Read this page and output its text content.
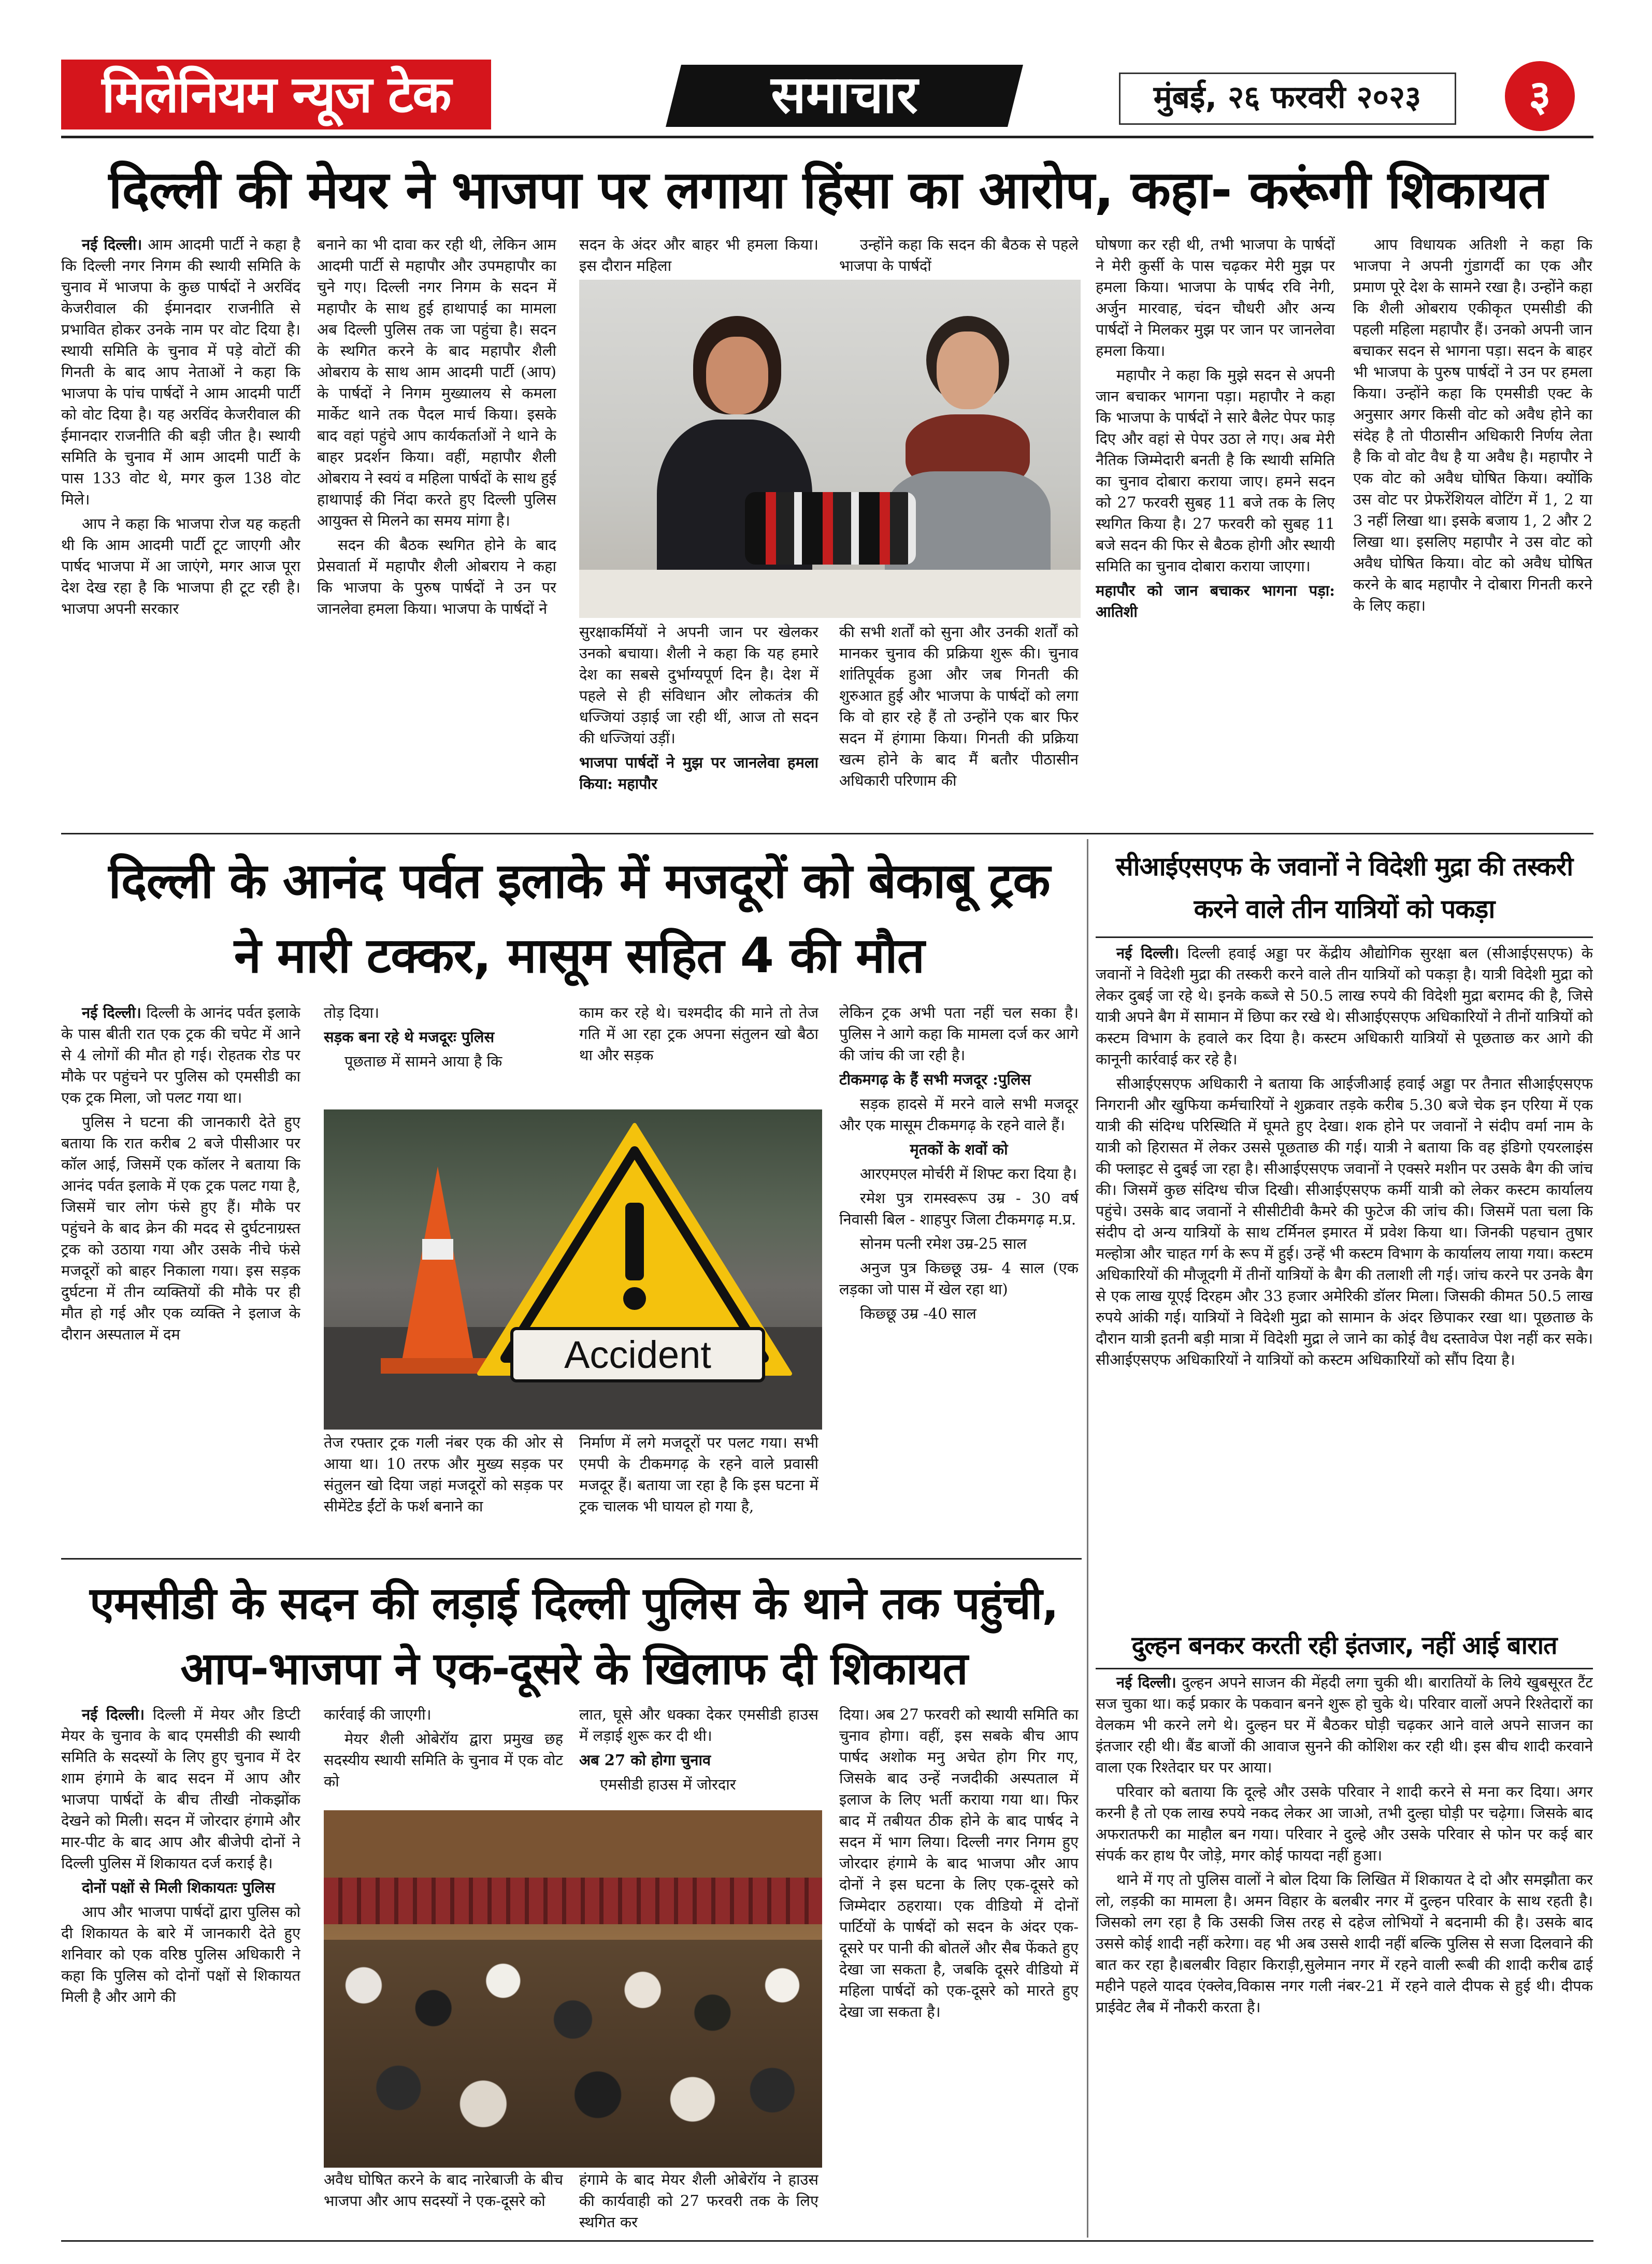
मिलेनियम न्यूज टेक	समाचार	मुंबई, २६ फरवरी २०२३	३
दिल्ली की मेयर ने भाजपा पर लगाया हिंसा का आरोप, कहा- करूंगी शिकायत

नई दिल्ली। आम आदमी पार्टी ने कहा है कि दिल्ली नगर निगम की स्थायी समिति के चुनाव में भाजपा के कुछ पार्षदों ने अरविंद केजरीवाल की ईमानदार राजनीति से प्रभावित होकर उनके नाम पर वोट दिया है। स्थायी समिति के चुनाव में पड़े वोटों की गिनती के बाद आप नेताओं ने कहा कि भाजपा के पांच पार्षदों ने आम आदमी पार्टी को वोट दिया है। यह अरविंद केजरीवाल की ईमानदार राजनीति की बड़ी जीत है। स्थायी समिति के चुनाव में आम आदमी पार्टी के पास 133 वोट थे, मगर कुल 138 वोट मिले।

आप ने कहा कि भाजपा रोज यह कहती थी कि आम आदमी पार्टी टूट जाएगी और पार्षद भाजपा में आ जाएंगे, मगर आज पूरा देश देख रहा है कि भाजपा ही टूट रही है। भाजपा अपनी सरकार

बनाने का भी दावा कर रही थी, लेकिन आम आदमी पार्टी से महापौर और उपमहापौर का चुने गए। दिल्ली नगर निगम के सदन में महापौर के साथ हुई हाथापाई का मामला अब दिल्ली पुलिस तक जा पहुंचा है। सदन के स्थगित करने के बाद महापौर शैली ओबराय के साथ आम आदमी पार्टी (आप) के पार्षदों ने निगम मुख्यालय से कमला मार्केट थाने तक पैदल मार्च किया। इसके बाद वहां पहुंचे आप कार्यकर्ताओं ने थाने के बाहर प्रदर्शन किया। वहीं, महापौर शैली ओबराय ने स्वयं व महिला पार्षदों के साथ हुई हाथापाई की निंदा करते हुए दिल्ली पुलिस आयुक्त से मिलने का समय मांगा है।

सदन की बैठक स्थगित होने के बाद प्रेसवार्ता में महापौर शैली ओबराय ने कहा कि भाजपा के पुरुष पार्षदों ने उन पर जानलेवा हमला किया। भाजपा के पार्षदों ने

सदन के अंदर और बाहर भी हमला किया। इस दौरान महिला

उन्होंने कहा कि सदन की बैठक से पहले भाजपा के पार्षदों

सुरक्षाकर्मियों ने अपनी जान पर खेलकर उनको बचाया। शैली ने कहा कि यह हमारे देश का सबसे दुर्भाग्यपूर्ण दिन है। देश में पहले से ही संविधान और लोकतंत्र की धज्जियां उड़ाई जा रही थीं, आज तो सदन की धज्जियां उड़ीं।

भाजपा पार्षदों ने मुझ पर जानलेवा हमला किया: महापौर

की सभी शर्तों को सुना और उनकी शर्तों को मानकर चुनाव की प्रक्रिया शुरू की। चुनाव शांतिपूर्वक हुआ और जब गिनती की शुरुआत हुई और भाजपा के पार्षदों को लगा कि वो हार रहे हैं तो उन्होंने एक बार फिर सदन में हंगामा किया। गिनती की प्रक्रिया खत्म होने के बाद मैं बतौर पीठासीन अधिकारी परिणाम की

घोषणा कर रही थी, तभी भाजपा के पार्षदों ने मेरी कुर्सी के पास चढ़कर मेरी मुझ पर हमला किया। भाजपा के पार्षद रवि नेगी, अर्जुन मारवाह, चंदन चौधरी और अन्य पार्षदों ने मिलकर मुझ पर जान पर जानलेवा हमला किया।

महापौर ने कहा कि मुझे सदन से अपनी जान बचाकर भागना पड़ा। महापौर ने कहा कि भाजपा के पार्षदों ने सारे बैलेट पेपर फाड़ दिए और वहां से पेपर उठा ले गए। अब मेरी नैतिक जिम्मेदारी बनती है कि स्थायी समिति का चुनाव दोबारा कराया जाए। हमने सदन को 27 फरवरी सुबह 11 बजे तक के लिए स्थगित किया है। 27 फरवरी को सुबह 11 बजे सदन की फिर से बैठक होगी और स्थायी समिति का चुनाव दोबारा कराया जाएगा।

महापौर को जान बचाकर भागना पड़ा: आतिशी

आप विधायक अतिशी ने कहा कि भाजपा ने अपनी गुंडागर्दी का एक और प्रमाण पूरे देश के सामने रखा है। उन्होंने कहा कि शैली ओबराय एकीकृत एमसीडी की पहली महिला महापौर हैं। उनको अपनी जान बचाकर सदन से भागना पड़ा। सदन के बाहर भी भाजपा के पुरुष पार्षदों ने उन पर हमला किया। उन्होंने कहा कि एमसीडी एक्ट के अनुसार अगर किसी वोट को अवैध होने का संदेह है तो पीठासीन अधिकारी निर्णय लेता है कि वो वोट वैध है या अवैध है। महापौर ने एक वोट को अवैध घोषित किया। क्योंकि उस वोट पर प्रेफरेंशियल वोटिंग में 1, 2 या 3 नहीं लिखा था। इसके बजाय 1, 2 और 2 लिखा था। इसलिए महापौर ने उस वोट को अवैध घोषित किया। वोट को अवैध घोषित करने के बाद महापौर ने दोबारा गिनती करने के लिए कहा।

दिल्ली के आनंद पर्वत इलाके में मजदूरों को बेकाबू ट्रक
ने मारी टक्कर, मासूम सहित 4 की मौत

नई दिल्ली। दिल्ली के आनंद पर्वत इलाके के पास बीती रात एक ट्रक की चपेट में आने से 4 लोगों की मौत हो गई। रोहतक रोड पर मौके पर पहुंचने पर पुलिस को एमसीडी का एक ट्रक मिला, जो पलट गया था।

पुलिस ने घटना की जानकारी देते हुए बताया कि रात करीब 2 बजे पीसीआर पर कॉल आई, जिसमें एक कॉलर ने बताया कि आनंद पर्वत इलाके में एक ट्रक पलट गया है, जिसमें चार लोग फंसे हुए हैं। मौके पर पहुंचने के बाद क्रेन की मदद से दुर्घटनाग्रस्त ट्रक को उठाया गया और उसके नीचे फंसे मजदूरों को बाहर निकाला गया। इस सड़क दुर्घटना में तीन व्यक्तियों की मौके पर ही मौत हो गई और एक व्यक्ति ने इलाज के दौरान अस्पताल में दम

तोड़ दिया।

सड़क बना रहे थे मजदूरः पुलिस

पूछताछ में सामने आया है कि

काम कर रहे थे। चश्मदीद की माने तो तेज गति में आ रहा ट्रक अपना संतुलन खो बैठा था और सड़क

Accident

तेज रफ्तार ट्रक गली नंबर एक की ओर से आया था। 10 तरफ और मुख्य सड़क पर संतुलन खो दिया जहां मजदूरों को सड़क पर सीमेंटेड ईंटों के फर्श बनाने का

निर्माण में लगे मजदूरों पर पलट गया। सभी एमपी के टीकमगढ़ के रहने वाले प्रवासी मजदूर हैं। बताया जा रहा है कि इस घटना में ट्रक चालक भी घायल हो गया है,

लेकिन ट्रक अभी पता नहीं चल सका है। पुलिस ने आगे कहा कि मामला दर्ज कर आगे की जांच की जा रही है।

टीकमगढ़ के हैं सभी मजदूर :पुलिस

सड़क हादसे में मरने वाले सभी मजदूर और एक मासूम टीकमगढ़ के रहने वाले हैं।

मृतकों के शवों को

आरएमएल मोर्चरी में शिफ्ट करा दिया है।

रमेश पुत्र रामस्वरूप उम्र - 30 वर्ष निवासी बिल - शाहपुर जिला टीकमगढ़ म.प्र.

सोनम पत्नी रमेश उम्र-25 साल

अनुज पुत्र किछ्छू उम्र- 4 साल (एक लड़का जो पास में खेल रहा था)

किछ्छू उम्र -40 साल

सीआईएसएफ के जवानों ने विदेशी मुद्रा की तस्करी करने वाले तीन यात्रियों को पकड़ा

नई दिल्ली। दिल्ली हवाई अड्डा पर केंद्रीय औद्योगिक सुरक्षा बल (सीआईएसएफ) के जवानों ने विदेशी मुद्रा की तस्करी करने वाले तीन यात्रियों को पकड़ा है। यात्री विदेशी मुद्रा को लेकर दुबई जा रहे थे। इनके कब्जे से 50.5 लाख रुपये की विदेशी मुद्रा बरामद की है, जिसे यात्री अपने बैग में सामान में छिपा कर रखे थे। सीआईएसएफ अधिकारियों ने तीनों यात्रियों को कस्टम विभाग के हवाले कर दिया है। कस्टम अधिकारी यात्रियों से पूछताछ कर आगे की कानूनी कार्रवाई कर रहे है।

सीआईएसएफ अधिकारी ने बताया कि आईजीआई हवाई अड्डा पर तैनात सीआईएसएफ निगरानी और खुफिया कर्मचारियों ने शुक्रवार तड़के करीब 5.30 बजे चेक इन एरिया में एक यात्री की संदिग्ध परिस्थिति में घूमते हुए देखा। शक होने पर जवानों ने संदीप वर्मा नाम के यात्री को हिरासत में लेकर उससे पूछताछ की गई। यात्री ने बताया कि वह इंडिगो एयरलाइंस की फ्लाइट से दुबई जा रहा है। सीआईएसएफ जवानों ने एक्सरे मशीन पर उसके बैग की जांच की। जिसमें कुछ संदिग्ध चीज दिखी। सीआईएसएफ कर्मी यात्री को लेकर कस्टम कार्यालय पहुंचे। उसके बाद जवानों ने सीसीटीवी कैमरे की फुटेज की जांच की। जिसमें पता चला कि संदीप दो अन्य यात्रियों के साथ टर्मिनल इमारत में प्रवेश किया था। जिनकी पहचान तुषार मल्होत्रा और चाहत गर्ग के रूप में हुई। उन्हें भी कस्टम विभाग के कार्यालय लाया गया। कस्टम अधिकारियों की मौजूदगी में तीनों यात्रियों के बैग की तलाशी ली गई। जांच करने पर उनके बैग से एक लाख यूएई दिरहम और 33 हजार अमेरिकी डॉलर मिला। जिसकी कीमत 50.5 लाख रुपये आंकी गई। यात्रियों ने विदेशी मुद्रा को सामान के अंदर छिपाकर रखा था। पूछताछ के दौरान यात्री इतनी बड़ी मात्रा में विदेशी मुद्रा ले जाने का कोई वैध दस्तावेज पेश नहीं कर सके। सीआईएसएफ अधिकारियों ने यात्रियों को कस्टम अधिकारियों को सौंप दिया है।

एमसीडी के सदन की लड़ाई दिल्ली पुलिस के थाने तक पहुंची,
आप-भाजपा ने एक-दूसरे के खिलाफ दी शिकायत

नई दिल्ली। दिल्ली में मेयर और डिप्टी मेयर के चुनाव के बाद एमसीडी की स्थायी समिति के सदस्यों के लिए हुए चुनाव में देर शाम हंगामे के बाद सदन में आप और भाजपा पार्षदों के बीच तीखी नोकझोंक देखने को मिली। सदन में जोरदार हंगामे और मार-पीट के बाद आप और बीजेपी दोनों ने दिल्ली पुलिस में शिकायत दर्ज कराई है।

दोनों पक्षों से मिली शिकायतः पुलिस

आप और भाजपा पार्षदों द्वारा पुलिस को दी शिकायत के बारे में जानकारी देते हुए शनिवार को एक वरिष्ठ पुलिस अधिकारी ने कहा कि पुलिस को दोनों पक्षों से शिकायत मिली है और आगे की

कार्रवाई की जाएगी।

मेयर शैली ओबेरॉय द्वारा प्रमुख छह सदस्यीय स्थायी समिति के चुनाव में एक वोट को

लात, घूसे और धक्का देकर एमसीडी हाउस में लड़ाई शुरू कर दी थी।

अब 27 को होगा चुनाव

एमसीडी हाउस में जोरदार

अवैध घोषित करने के बाद नारेबाजी के बीच भाजपा और आप सदस्यों ने एक-दूसरे को

हंगामे के बाद मेयर शैली ओबेरॉय ने हाउस की कार्यवाही को 27 फरवरी तक के लिए स्थगित कर

दिया। अब 27 फरवरी को स्थायी समिति का चुनाव होगा। वहीं, इस सबके बीच आप पार्षद अशोक मनु अचेत होग गिर गए, जिसके बाद उन्हें नजदीकी अस्पताल में इलाज के लिए भर्ती कराया गया था। फिर बाद में तबीयत ठीक होने के बाद पार्षद ने सदन में भाग लिया। दिल्ली नगर निगम हुए जोरदार हंगामे के बाद भाजपा और आप दोनों ने इस घटना के लिए एक-दूसरे को जिम्मेदार ठहराया। एक वीडियो में दोनों पार्टियों के पार्षदों को सदन के अंदर एक-दूसरे पर पानी की बोतलें और सैब फेंकते हुए देखा जा सकता है, जबकि दूसरे वीडियो में महिला पार्षदों को एक-दूसरे को मारते हुए देखा जा सकता है।

दुल्हन बनकर करती रही इंतजार, नहीं आई बारात

नई दिल्ली। दुल्हन अपने साजन की मेंहदी लगा चुकी थी। बारातियों के लिये खुबसूरत टैंट सज चुका था। कई प्रकार के पकवान बनने शुरू हो चुके थे। परिवार वालों अपने रिश्तेदारों का वेलकम भी करने लगे थे। दुल्हन घर में बैठकर घोड़ी चढ़कर आने वाले अपने साजन का इंतजार रही थी। बैंड बाजों की आवाज सुनने की कोशिश कर रही थी। इस बीच शादी करवाने वाला एक रिश्तेदार घर पर आया।

परिवार को बताया कि दूल्हे और उसके परिवार ने शादी करने से मना कर दिया। अगर करनी है तो एक लाख रुपये नकद लेकर आ जाओ, तभी दुल्हा घोड़ी पर चढ़ेगा। जिसके बाद अफरातफरी का माहौल बन गया। परिवार ने दुल्हे और उसके परिवार से फोन पर कई बार संपर्क कर हाथ पैर जोड़े, मगर कोई फायदा नहीं हुआ।

थाने में गए तो पुलिस वालों ने बोल दिया कि लिखित में शिकायत दे दो और समझौता कर लो, लड़की का मामला है। अमन विहार के बलबीर नगर में दुल्हन परिवार के साथ रहती है। जिसको लग रहा है कि उसकी जिस तरह से दहेज लोभियों ने बदनामी की है। उसके बाद उससे कोई शादी नहीं करेगा। वह भी अब उससे शादी नहीं बल्कि पुलिस से सजा दिलवाने की बात कर रहा है।बलबीर विहार किराड़ी,सुलेमान नगर में रहने वाली रूबी की शादी करीब ढाई महीने पहले यादव एंक्लेव,विकास नगर गली नंबर-21 में रहने वाले दीपक से हुई थी। दीपक प्राईवेट लैब में नौकरी करता है।
